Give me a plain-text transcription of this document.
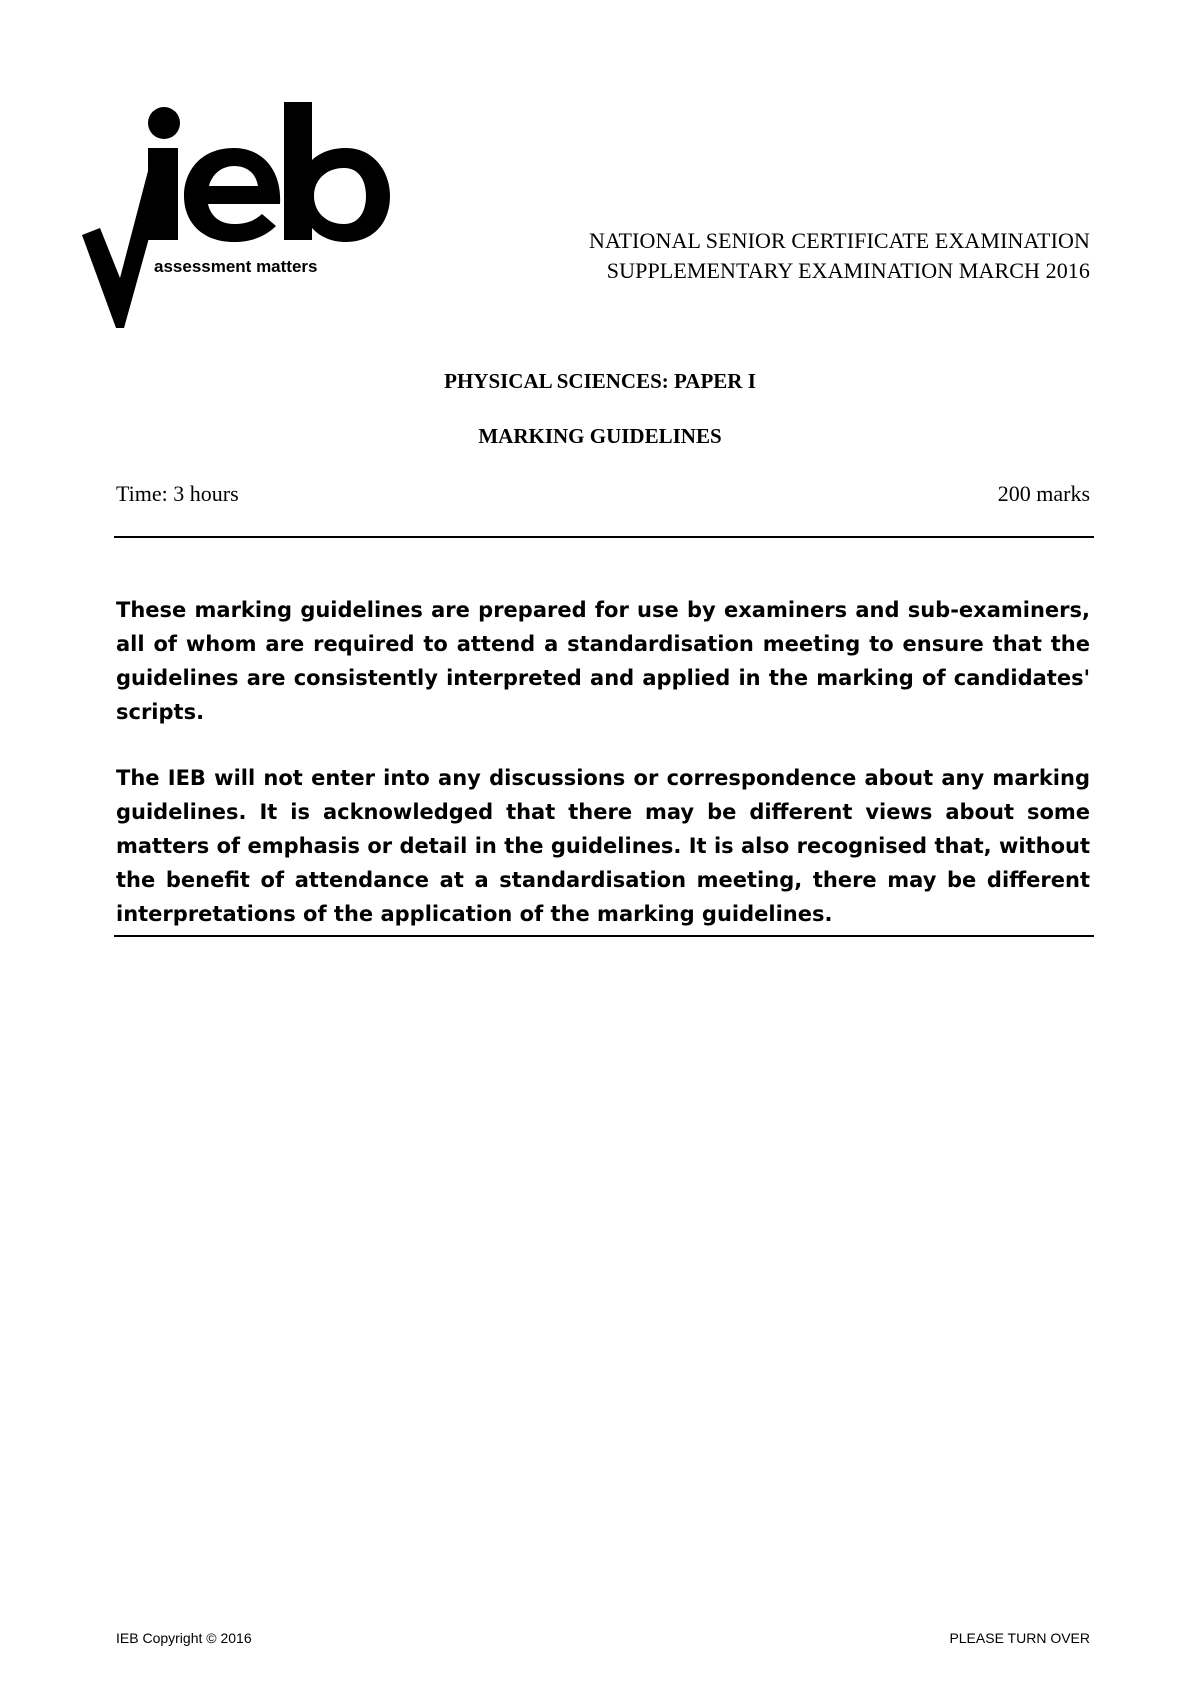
assessment matters
NATIONAL SENIOR CERTIFICATE EXAMINATION
SUPPLEMENTARY EXAMINATION MARCH 2016
PHYSICAL SCIENCES: PAPER I
MARKING GUIDELINES
Time: 3 hours	200 marks

These marking guidelines are prepared for use by examiners and sub-examiners, all of whom are required to attend a standardisation meeting to ensure that the guidelines are consistently interpreted and applied in the marking of candidates' scripts.

The IEB will not enter into any discussions or correspondence about any marking guidelines. It is acknowledged that there may be different views about some matters of emphasis or detail in the guidelines. It is also recognised that, without the benefit of attendance at a standardisation meeting, there may be different interpretations of the application of the marking guidelines.

IEB Copyright © 2016	PLEASE TURN OVER
